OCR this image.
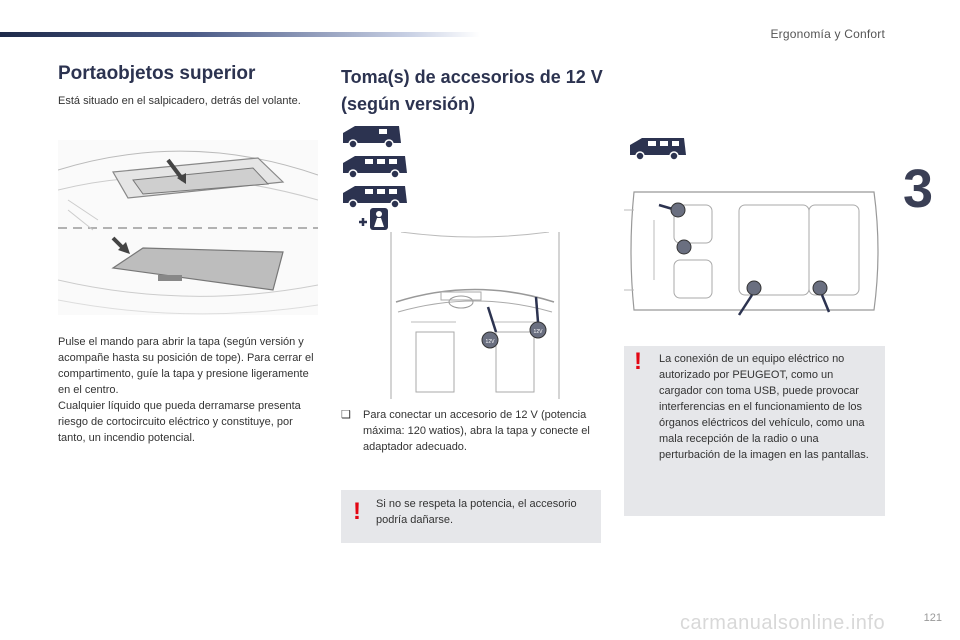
Ergonomía y Confort
3
Portaobjetos superior
Está situado en el salpicadero, detrás del volante.
Pulse el mando para abrir la tapa (según versión y acompañe hasta su posición de tope). Para cerrar el compartimento, guíe la tapa y presione ligeramente en el centro.
Cualquier líquido que pueda derramarse presenta riesgo de cortocircuito eléctrico y constituye, por tanto, un incendio potencial.
Toma(s) de accesorios de 12 V (según versión)
12V
12V
❑ Para conectar un accesorio de 12 V (potencia máxima: 120 watios), abra la tapa y conecte el adaptador adecuado.
! Si no se respeta la potencia, el accesorio podría dañarse.
! La conexión de un equipo eléctrico no autorizado por PEUGEOT, como un cargador con toma USB, puede provocar interferencias en el funcionamiento de los órganos eléctricos del vehículo, como una mala recepción de la radio o una perturbación de la imagen en las pantallas.
carmanualsonline.info	121
